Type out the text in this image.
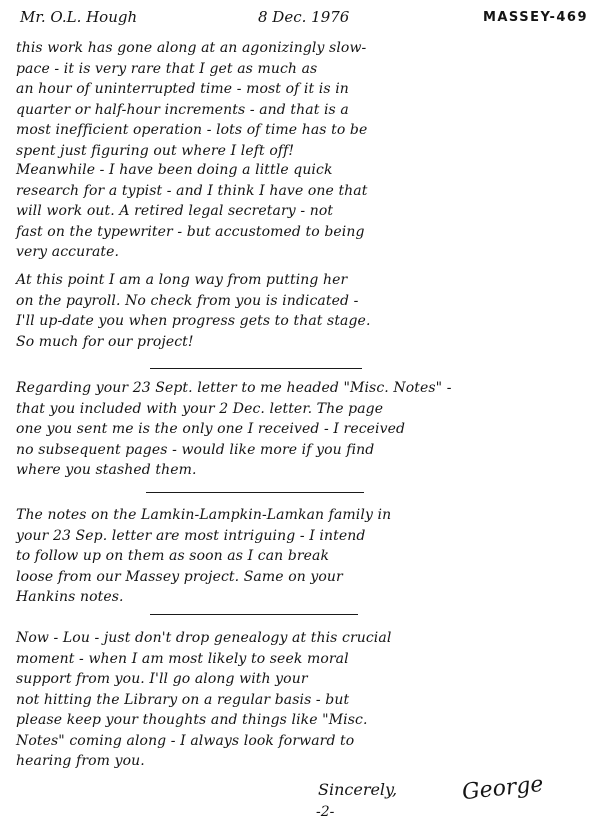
Mr. O.L. Hough	8 Dec. 1976	MASSEY-469
this work has gone along at an agonizingly slow-
pace - it is very rare that I get as much as
an hour of uninterrupted time - most of it is in
quarter or half-hour increments - and that is a
most inefficient operation - lots of time has to be
spent just figuring out where I left off!
Meanwhile - I have been doing a little quick
research for a typist - and I think I have one that
will work out. A retired legal secretary - not
fast on the typewriter - but accustomed to being
very accurate.
At this point I am a long way from putting her
on the payroll. No check from you is indicated -
I'll up-date you when progress gets to that stage.
So much for our project!
Regarding your 23 Sept. letter to me headed "Misc. Notes" -
that you included with your 2 Dec. letter. The page
one you sent me is the only one I received - I received
no subsequent pages - would like more if you find
where you stashed them.
The notes on the Lamkin-Lampkin-Lamkan family in
your 23 Sep. letter are most intriguing - I intend
to follow up on them as soon as I can break
loose from our Massey project. Same on your
Hankins notes.
Now - Lou - just don't drop genealogy at this crucial
moment - when I am most likely to seek moral
support from you. I'll go along with your
not hitting the Library on a regular basis - but
please keep your thoughts and things like "Misc.
Notes" coming along - I always look forward to
hearing from you.
Sincerely,	George
-2-
